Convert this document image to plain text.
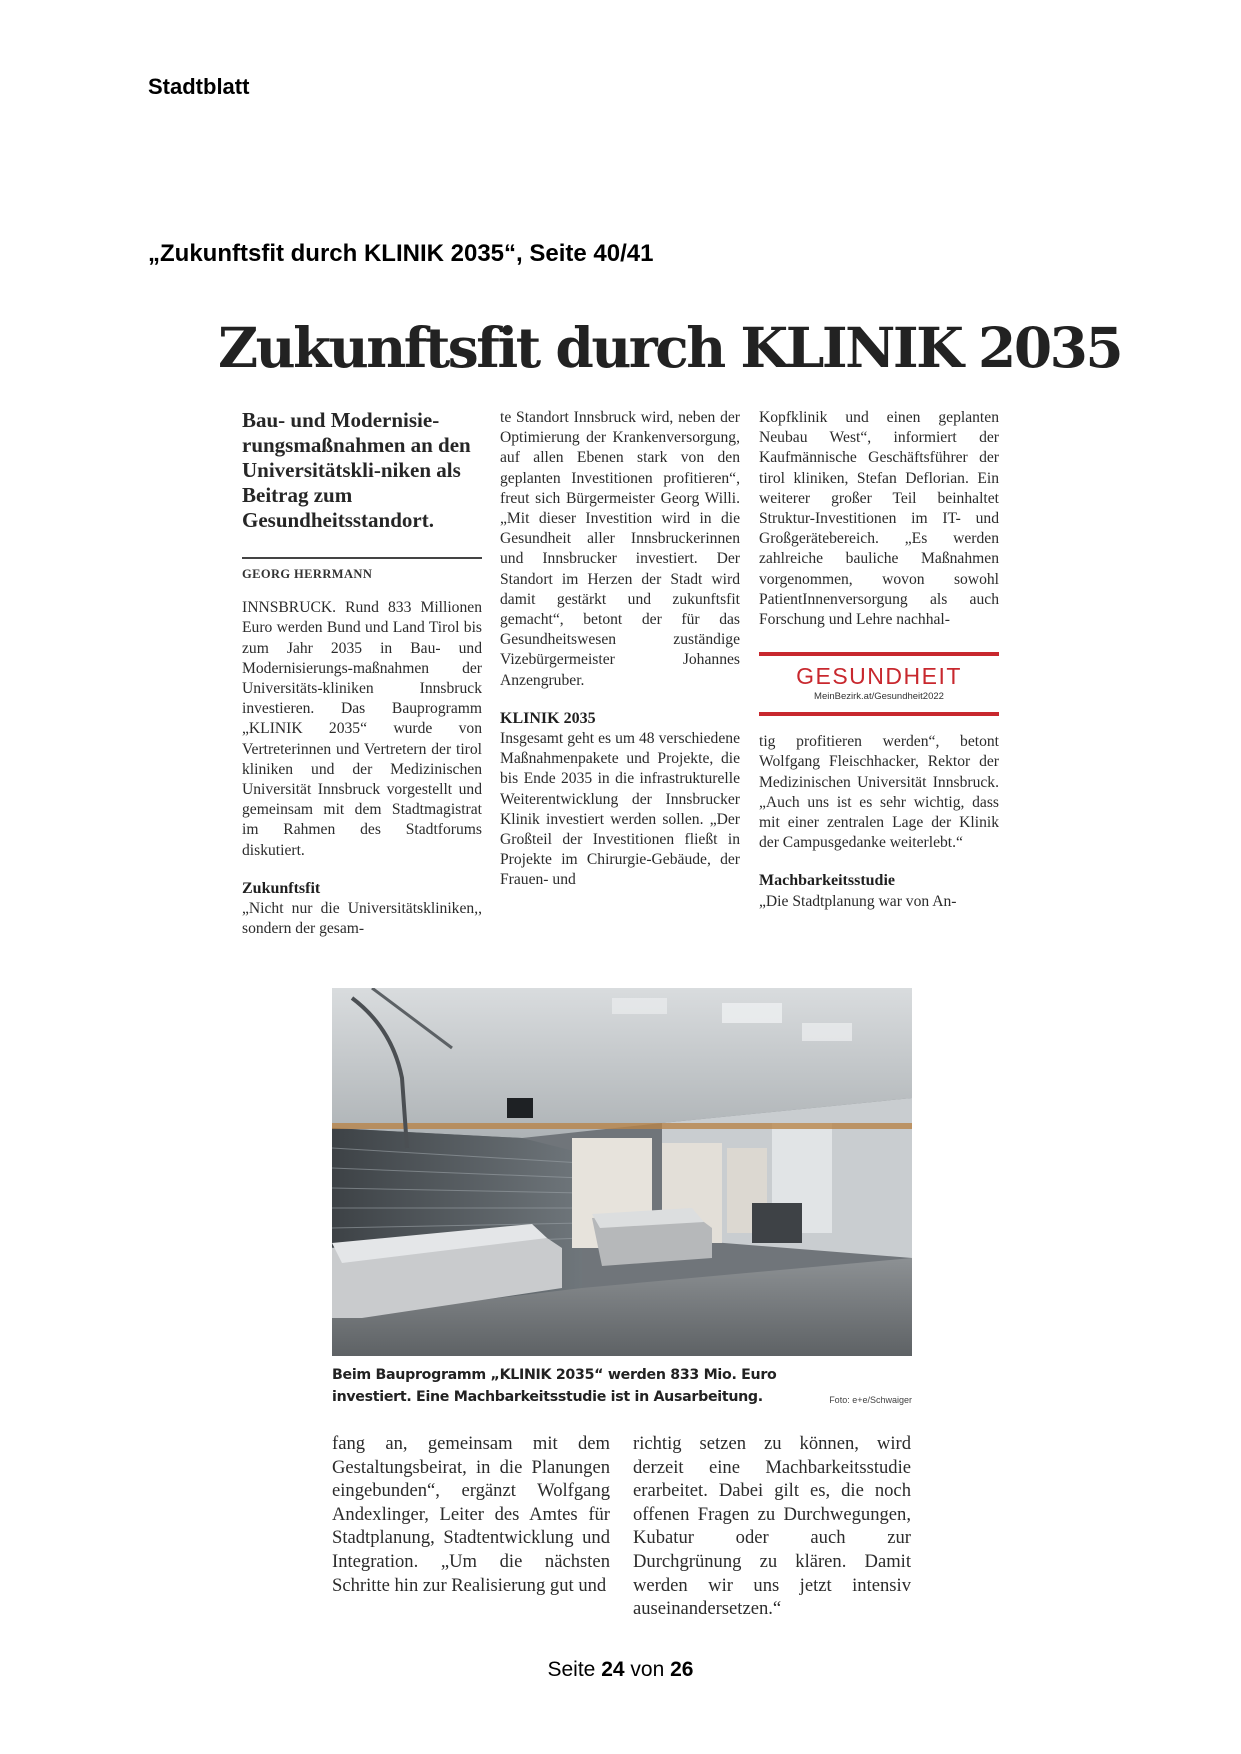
Stadtblatt
„Zukunftsfit durch KLINIK 2035“, Seite 40/41
Zukunftsfit durch KLINIK 2035
Bau- und Modernisie-rungsmaßnahmen an den Universitätskli-niken als Beitrag zum Gesundheitsstandort.
GEORG HERRMANN

INNSBRUCK. Rund 833 Millionen Euro werden Bund und Land Tirol bis zum Jahr 2035 in Bau- und Modernisierungs-maßnahmen der Universitäts-kliniken Innsbruck investieren. Das Bauprogramm „KLINIK 2035“ wurde von Vertreterinnen und Vertretern der tirol kliniken und der Medizinischen Universität Innsbruck vorgestellt und gemeinsam mit dem Stadtmagistrat im Rahmen des Stadtforums diskutiert.

Zukunftsfit

„Nicht nur die Universitätskliniken,, sondern der gesam-

te Standort Innsbruck wird, neben der Optimierung der Krankenversorgung, auf allen Ebenen stark von den geplanten Investitionen profitieren“, freut sich Bürgermeister Georg Willi. „Mit dieser Investition wird in die Gesundheit aller Innsbruckerinnen und Innsbrucker investiert. Der Standort im Herzen der Stadt wird damit gestärkt und zukunftsfit gemacht“, betont der für das Gesundheitswesen zuständige Vizebürgermeister Johannes Anzengruber.

KLINIK 2035

Insgesamt geht es um 48 verschiedene Maßnahmenpakete und Projekte, die bis Ende 2035 in die infrastrukturelle Weiterentwicklung der Innsbrucker Klinik investiert werden sollen. „Der Großteil der Investitionen fließt in Projekte im Chirurgie-Gebäude, der Frauen- und

Kopfklinik und einen geplanten Neubau West“, informiert der Kaufmännische Geschäftsführer der tirol kliniken, Stefan Deflorian. Ein weiterer großer Teil beinhaltet Struktur-Investitionen im IT- und Großgerätebereich. „Es werden zahlreiche bauliche Maßnahmen vorgenommen, wovon sowohl PatientInnenversorgung als auch Forschung und Lehre nachhal-

GESUNDHEIT
MeinBezirk.at/Gesundheit2022

tig profitieren werden“, betont Wolfgang Fleischhacker, Rektor der Medizinischen Universität Innsbruck. „Auch uns ist es sehr wichtig, dass mit einer zentralen Lage der Klinik der Campusgedanke weiterlebt.“

Machbarkeitsstudie

„Die Stadtplanung war von An-

Beim Bauprogramm „KLINIK 2035“ werden 833 Mio. Euro investiert. Eine Machbarkeitsstudie ist in Ausarbeitung.	Foto: e+e/Schwaiger

fang an, gemeinsam mit dem Gestaltungsbeirat, in die Planungen eingebunden“, ergänzt Wolfgang Andexlinger, Leiter des Amtes für Stadtplanung, Stadtentwicklung und Integration. „Um die nächsten Schritte hin zur Realisierung gut und

richtig setzen zu können, wird derzeit eine Machbarkeitsstudie erarbeitet. Dabei gilt es, die noch offenen Fragen zu Durchwegungen, Kubatur oder auch zur Durchgrünung zu klären. Damit werden wir uns jetzt intensiv auseinandersetzen.“

Seite 24 von 26
